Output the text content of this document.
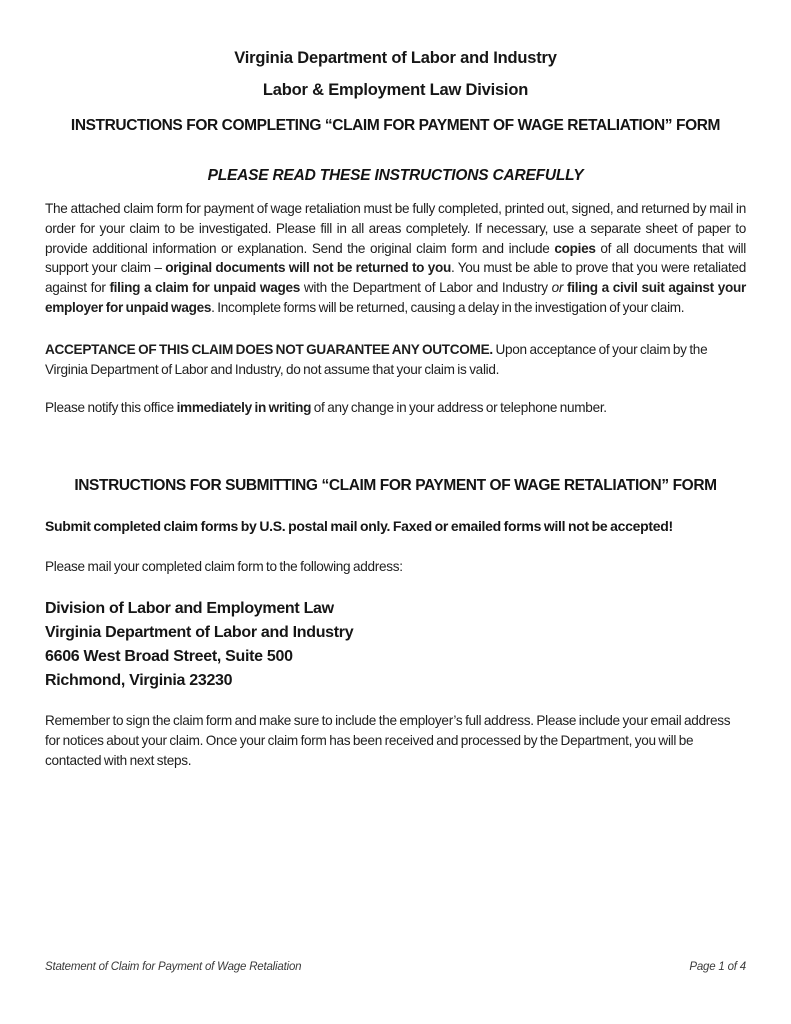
Virginia Department of Labor and Industry
Labor & Employment Law Division
INSTRUCTIONS FOR COMPLETING “CLAIM FOR PAYMENT OF WAGE RETALIATION” FORM
PLEASE READ THESE INSTRUCTIONS CAREFULLY

The attached claim form for payment of wage retaliation must be fully completed, printed out, signed, and returned by mail in order for your claim to be investigated. Please fill in all areas completely. If necessary, use a separate sheet of paper to provide additional information or explanation. Send the original claim form and include copies of all documents that will support your claim – original documents will not be returned to you. You must be able to prove that you were retaliated against for filing a claim for unpaid wages with the Department of Labor and Industry or filing a civil suit against your employer for unpaid wages. Incomplete forms will be returned, causing a delay in the investigation of your claim.

ACCEPTANCE OF THIS CLAIM DOES NOT GUARANTEE ANY OUTCOME. Upon acceptance of your claim by the Virginia Department of Labor and Industry, do not assume that your claim is valid.

Please notify this office immediately in writing of any change in your address or telephone number.

INSTRUCTIONS FOR SUBMITTING “CLAIM FOR PAYMENT OF WAGE RETALIATION” FORM

Submit completed claim forms by U.S. postal mail only. Faxed or emailed forms will not be accepted!

Please mail your completed claim form to the following address:

Division of Labor and Employment Law
Virginia Department of Labor and Industry
6606 West Broad Street, Suite 500
Richmond, Virginia 23230

Remember to sign the claim form and make sure to include the employer’s full address. Please include your email address for notices about your claim. Once your claim form has been received and processed by the Department, you will be contacted with next steps.

Statement of Claim for Payment of Wage Retaliation	Page 1 of 4
